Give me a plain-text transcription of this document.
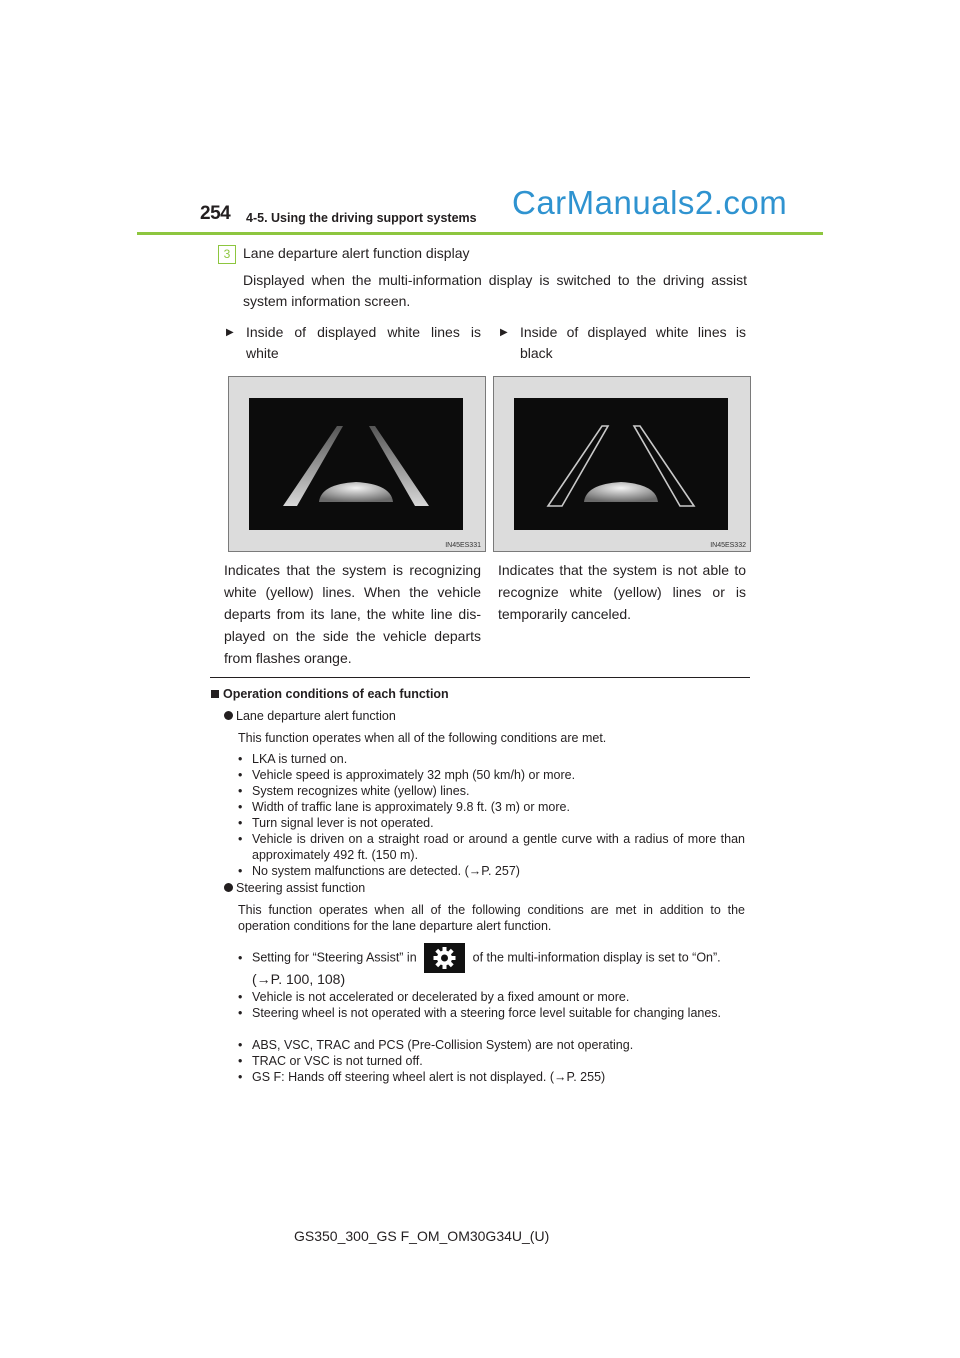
254 4-5. Using the driving support systems CarManuals2.com
3 Lane departure alert function display
Displayed when the multi-information display is switched to the driving assist system information screen.
▶ Inside of displayed white lines is white
▶ Inside of displayed white lines is black
IN45ES331	IN45ES332
Indicates that the system is recognizing white (yellow) lines. When the vehicle departs from its lane, the white line displayed on the side the vehicle departs from flashes orange.
Indicates that the system is not able to recognize white (yellow) lines or is temporarily canceled.
Operation conditions of each function
Lane departure alert function
This function operates when all of the following conditions are met.
• LKA is turned on.
• Vehicle speed is approximately 32 mph (50 km/h) or more.
• System recognizes white (yellow) lines.
• Width of traffic lane is approximately 9.8 ft. (3 m) or more.
• Turn signal lever is not operated.
• Vehicle is driven on a straight road or around a gentle curve with a radius of more than approximately 492 ft. (150 m).
• No system malfunctions are detected. (→P. 257)
Steering assist function
This function operates when all of the following conditions are met in addition to the operation conditions for the lane departure alert function.
• Setting for “Steering Assist” in	of the multi-information display is set to “On”.
(→P. 100, 108)
• Vehicle is not accelerated or decelerated by a fixed amount or more.
• Steering wheel is not operated with a steering force level suitable for changing lanes.
• ABS, VSC, TRAC and PCS (Pre-Collision System) are not operating.
• TRAC or VSC is not turned off.
• GS F: Hands off steering wheel alert is not displayed. (→P. 255)
GS350_300_GS F_OM_OM30G34U_(U)
